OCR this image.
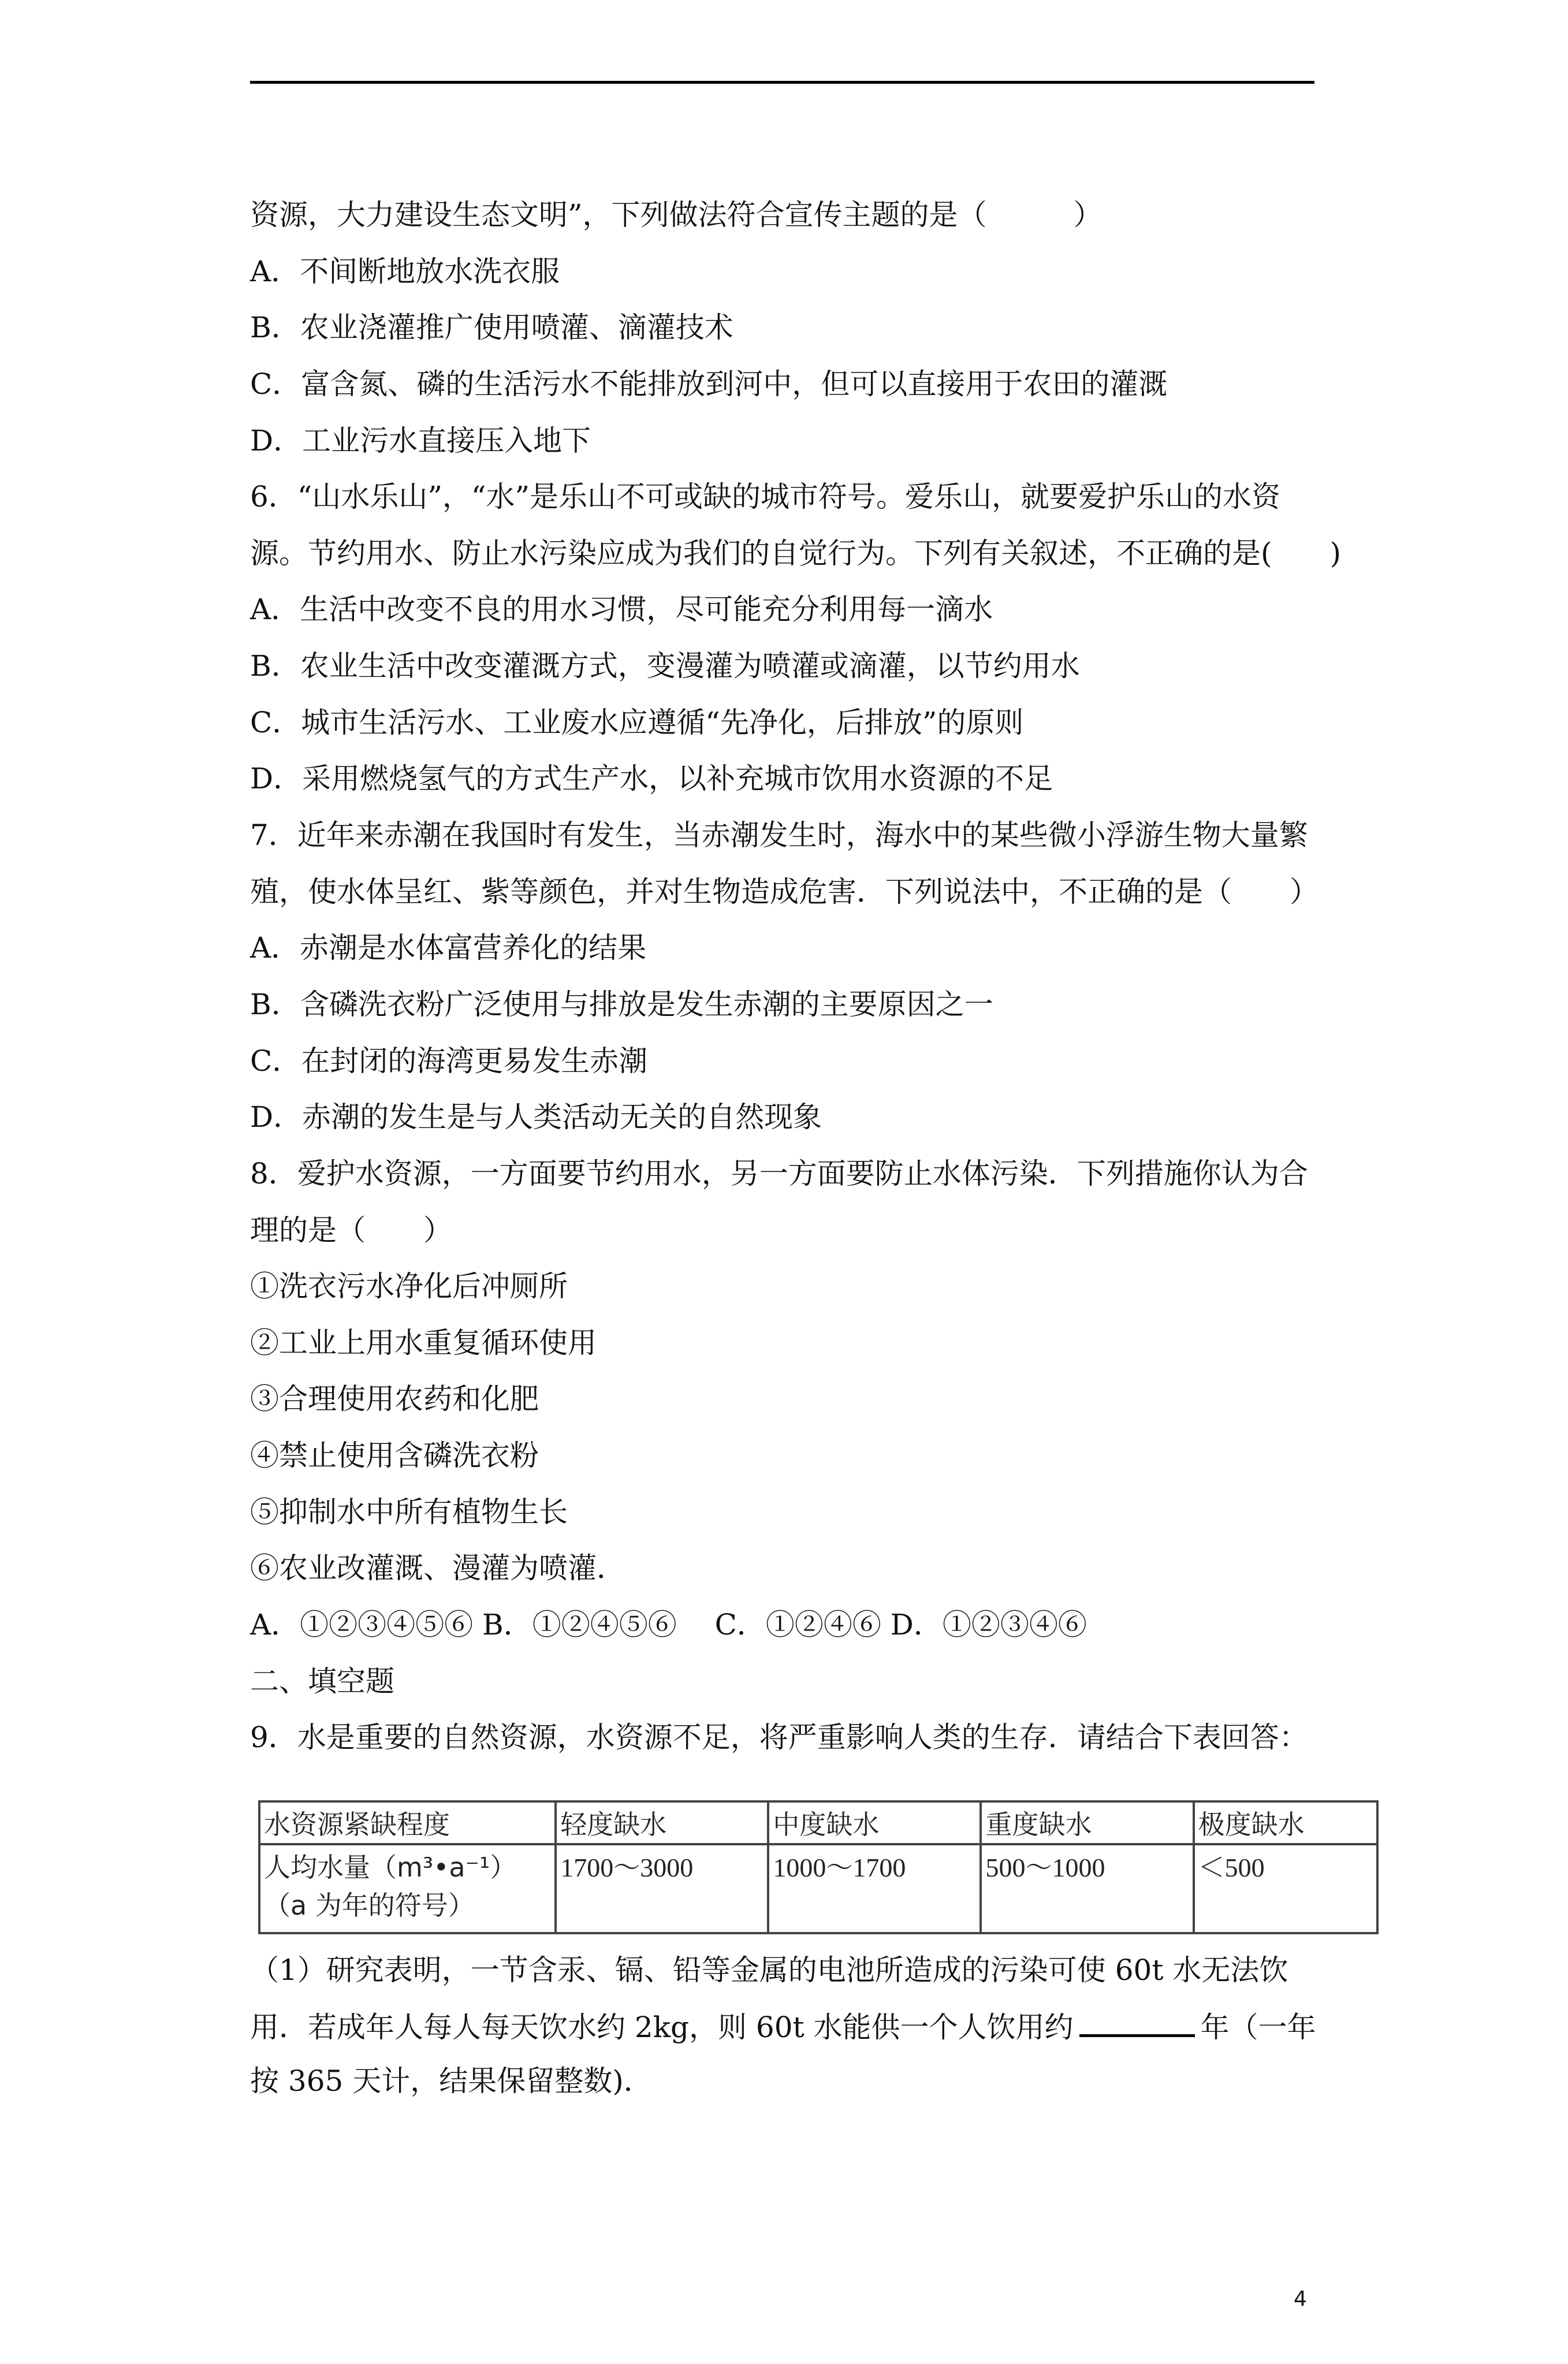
资源，大力建设生态文明”，下列做法符合宣传主题的是（　　　）
A．不间断地放水洗衣服
B．农业浇灌推广使用喷灌、滴灌技术
C．富含氮、磷的生活污水不能排放到河中，但可以直接用于农田的灌溉
D．工业污水直接压入地下
6．“山水乐山”，“水”是乐山不可或缺的城市符号。爱乐山，就要爱护乐山的水资
源。节约用水、防止水污染应成为我们的自觉行为。下列有关叙述，不正确的是(　　)
A．生活中改变不良的用水习惯，尽可能充分利用每一滴水
B．农业生活中改变灌溉方式，变漫灌为喷灌或滴灌，以节约用水
C．城市生活污水、工业废水应遵循“先净化，后排放”的原则
D．采用燃烧氢气的方式生产水，以补充城市饮用水资源的不足
7．近年来赤潮在我国时有发生，当赤潮发生时，海水中的某些微小浮游生物大量繁
殖，使水体呈红、紫等颜色，并对生物造成危害．下列说法中，不正确的是（　　）
A．赤潮是水体富营养化的结果
B．含磷洗衣粉广泛使用与排放是发生赤潮的主要原因之一
C．在封闭的海湾更易发生赤潮
D．赤潮的发生是与人类活动无关的自然现象
8．爱护水资源，一方面要节约用水，另一方面要防止水体污染．下列措施你认为合
理的是（　　）
①洗衣污水净化后冲厕所
②工业上用水重复循环使用
③合理使用农药和化肥
④禁止使用含磷洗衣粉
⑤抑制水中所有植物生长
⑥农业改灌溉、漫灌为喷灌．
A．①②③④⑤⑥ B．①②④⑤⑥　 C．①②④⑥ D．①②③④⑥
二、填空题
9．水是重要的自然资源，水资源不足，将严重影响人类的生存．请结合下表回答：
水资源紧缺程度	轻度缺水	中度缺水	重度缺水	极度缺水

人均水量（m³•a⁻¹）
（a 为年的符号）	1700～3000	1000～1700	500～1000	＜500
（1）研究表明，一节含汞、镉、铅等金属的电池所造成的污染可使 60t 水无法饮
用．若成年人每人每天饮水约 2kg，则 60t 水能供一个人饮用约	年（一年
按 365 天计，结果保留整数)．
4
